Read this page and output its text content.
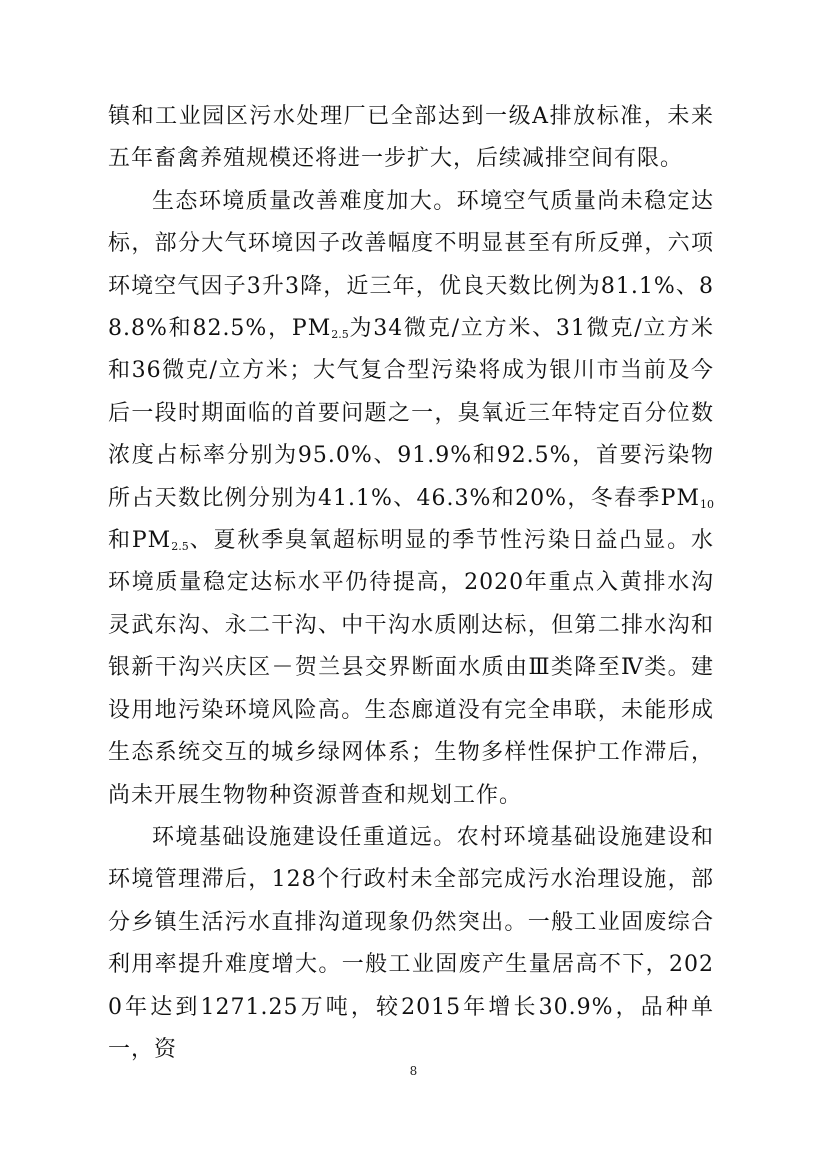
镇和工业园区污水处理厂已全部达到一级A排放标准，未来五年畜禽养殖规模还将进一步扩大，后续减排空间有限。

生态环境质量改善难度加大。环境空气质量尚未稳定达标，部分大气环境因子改善幅度不明显甚至有所反弹，六项环境空气因子3升3降，近三年，优良天数比例为81.1%、88.8%和82.5%，$PM_{2.5}$为34微克/立方米、31微克/立方米和36微克/立方米；大气复合型污染将成为银川市当前及今后一段时期面临的首要问题之一，臭氧近三年特定百分位数浓度占标率分别为95.0%、91.9%和92.5%，首要污染物所占天数比例分别为41.1%、46.3%和20%，冬春季$PM_{10}$和$PM_{2.5}$、夏秋季臭氧超标明显的季节性污染日益凸显。水环境质量稳定达标水平仍待提高，2020年重点入黄排水沟灵武东沟、永二干沟、中干沟水质刚达标，但第二排水沟和银新干沟兴庆区－贺兰县交界断面水质由Ⅲ类降至Ⅳ类。建设用地污染环境风险高。生态廊道没有完全串联，未能形成生态系统交互的城乡绿网体系；生物多样性保护工作滞后，尚未开展生物物种资源普查和规划工作。

环境基础设施建设任重道远。农村环境基础设施建设和环境管理滞后，128个行政村未全部完成污水治理设施，部分乡镇生活污水直排沟道现象仍然突出。一般工业固废综合利用率提升难度增大。一般工业固废产生量居高不下，2020年达到1271.25万吨，较2015年增长30.9%，品种单一，资

8
